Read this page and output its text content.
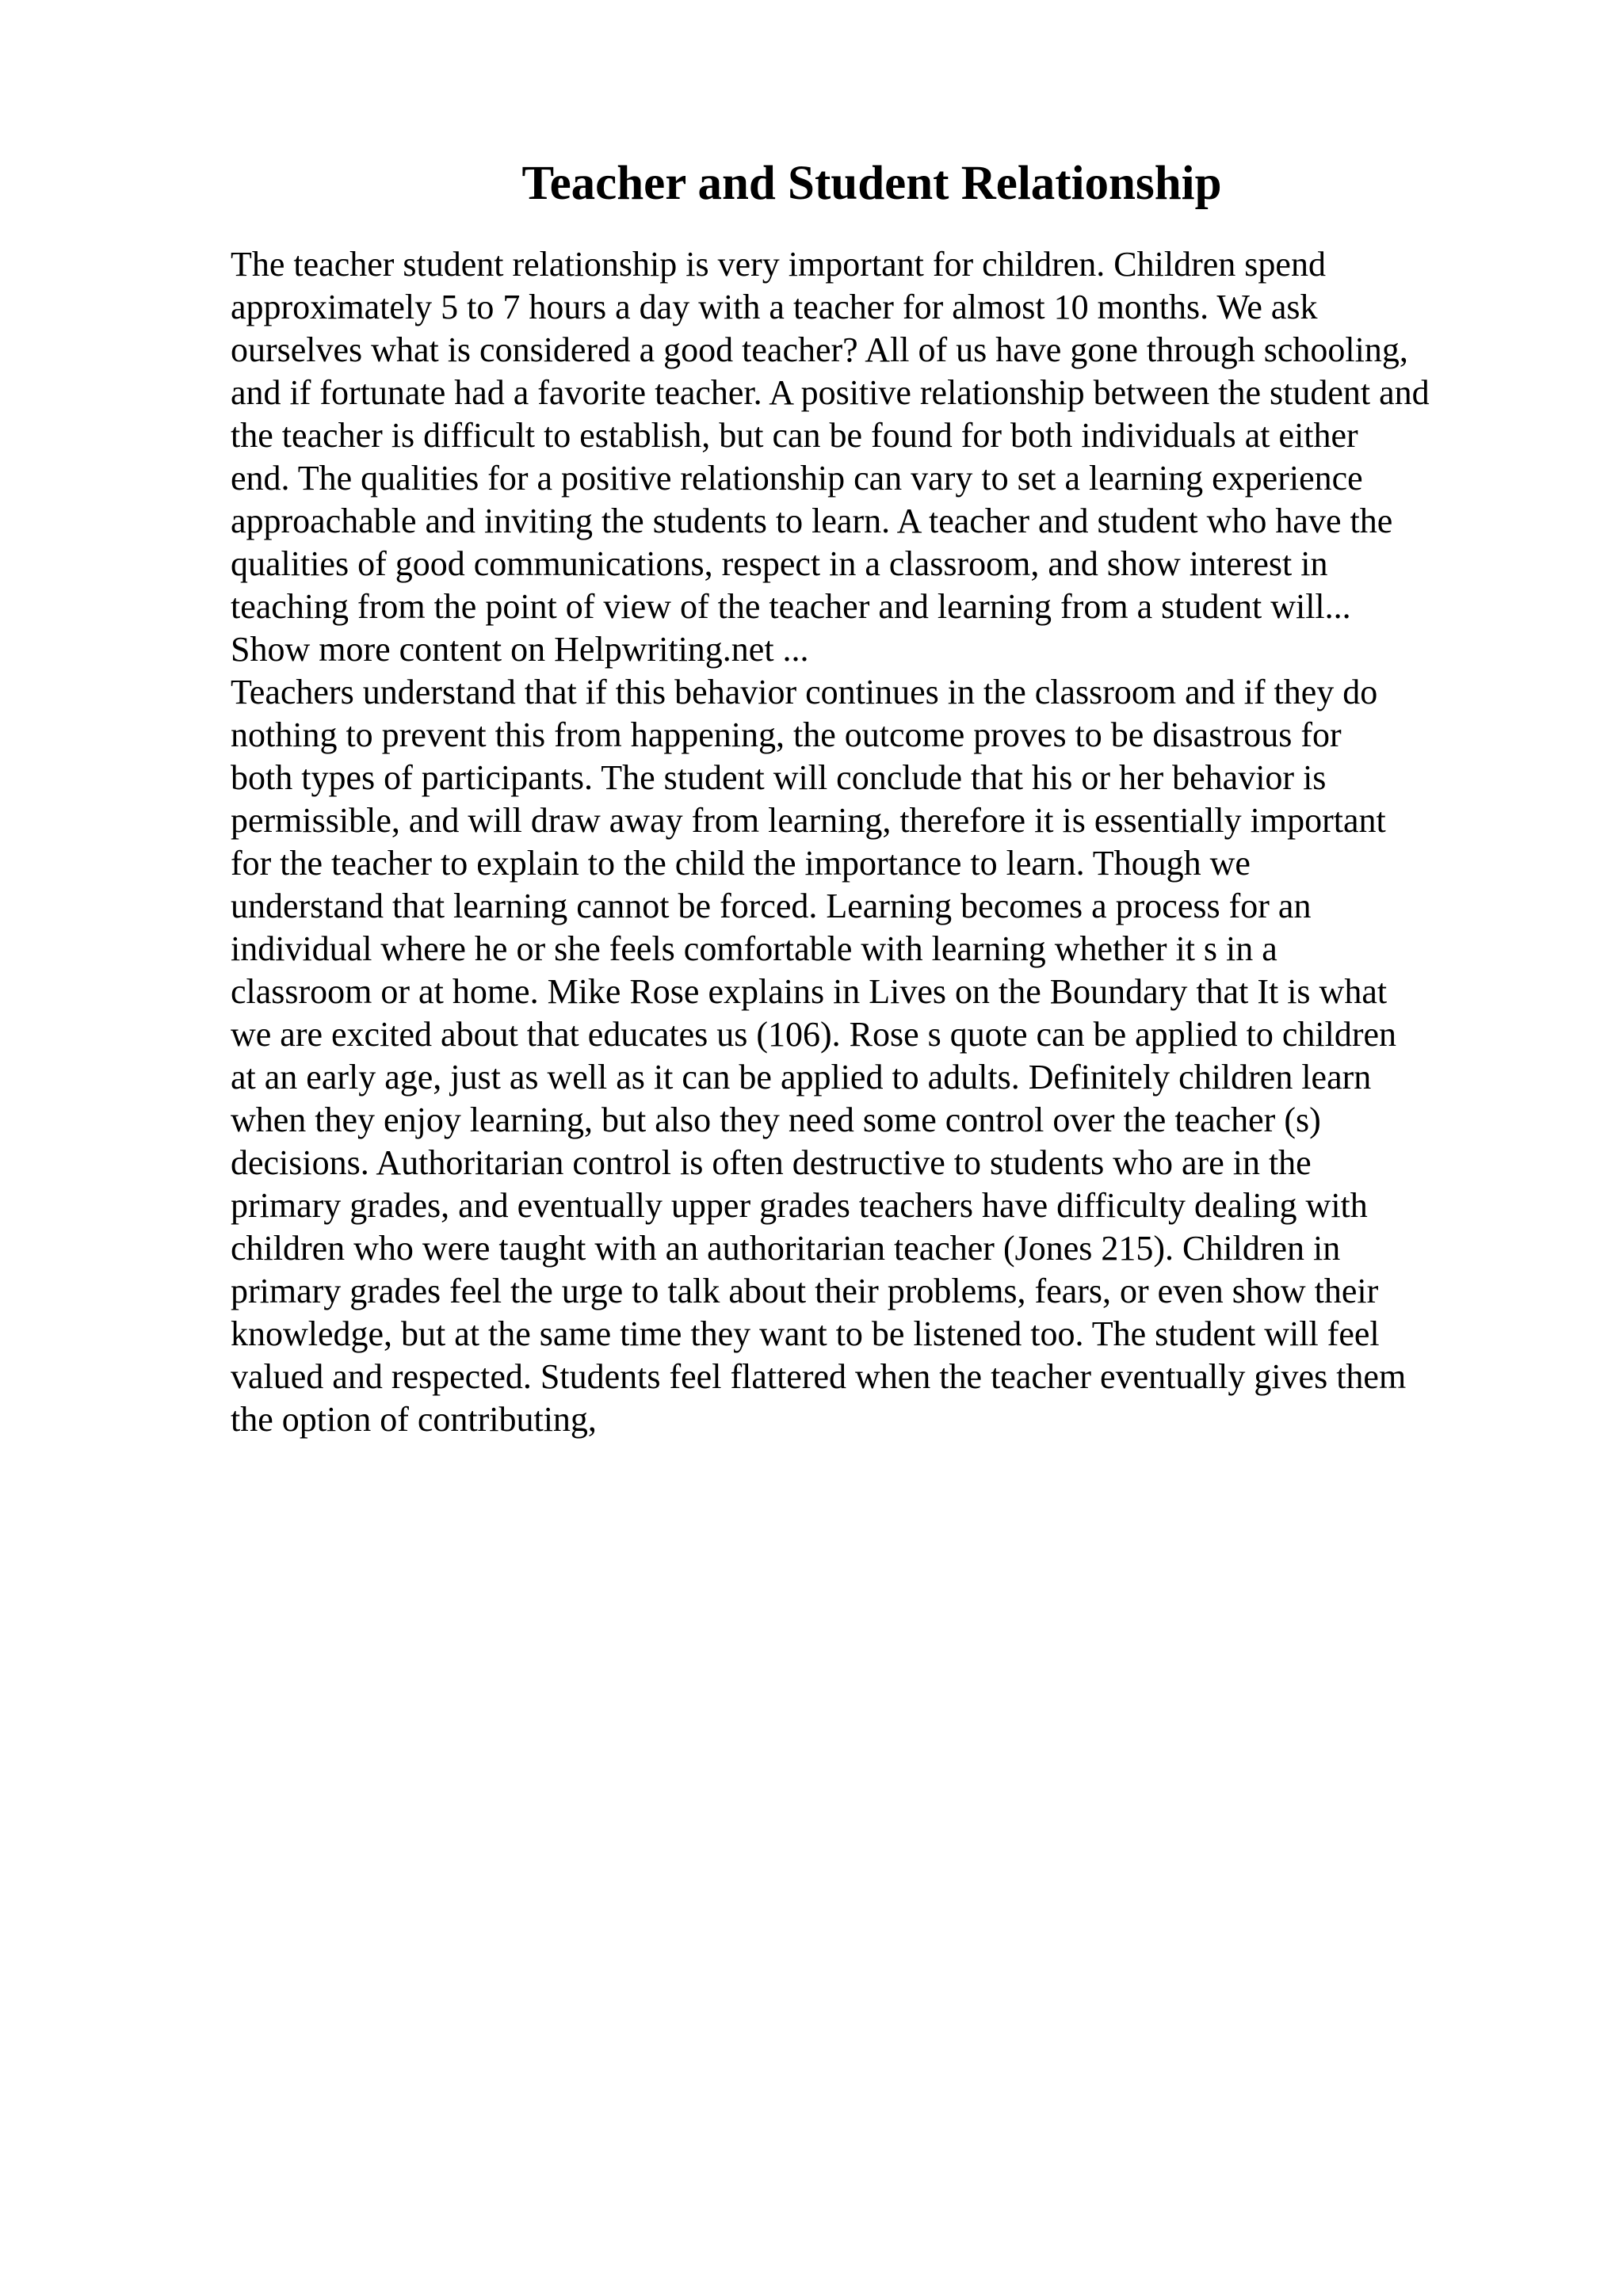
Teacher and Student Relationship
The teacher student relationship is very important for children. Children spend
approximately 5 to 7 hours a day with a teacher for almost 10 months. We ask
ourselves what is considered a good teacher? All of us have gone through schooling,
and if fortunate had a favorite teacher. A positive relationship between the student and
the teacher is difficult to establish, but can be found for both individuals at either
end. The qualities for a positive relationship can vary to set a learning experience
approachable and inviting the students to learn. A teacher and student who have the
qualities of good communications, respect in a classroom, and show interest in
teaching from the point of view of the teacher and learning from a student will...
Show more content on Helpwriting.net ...
Teachers understand that if this behavior continues in the classroom and if they do
nothing to prevent this from happening, the outcome proves to be disastrous for
both types of participants. The student will conclude that his or her behavior is
permissible, and will draw away from learning, therefore it is essentially important
for the teacher to explain to the child the importance to learn. Though we
understand that learning cannot be forced. Learning becomes a process for an
individual where he or she feels comfortable with learning whether it s in a
classroom or at home. Mike Rose explains in Lives on the Boundary that It is what
we are excited about that educates us (106). Rose s quote can be applied to children
at an early age, just as well as it can be applied to adults. Definitely children learn
when they enjoy learning, but also they need some control over the teacher (s)
decisions. Authoritarian control is often destructive to students who are in the
primary grades, and eventually upper grades teachers have difficulty dealing with
children who were taught with an authoritarian teacher (Jones 215). Children in
primary grades feel the urge to talk about their problems, fears, or even show their
knowledge, but at the same time they want to be listened too. The student will feel
valued and respected. Students feel flattered when the teacher eventually gives them
the option of contributing,
